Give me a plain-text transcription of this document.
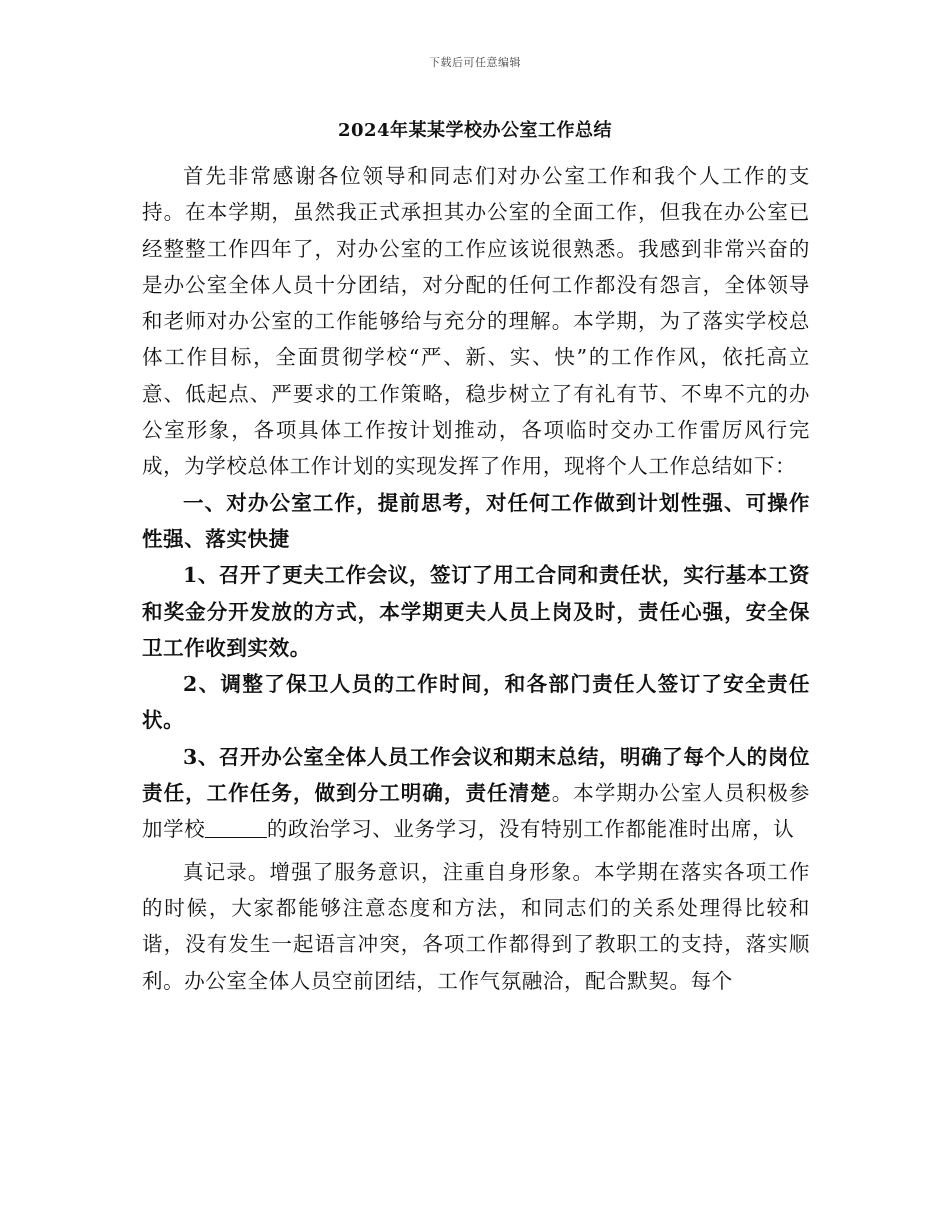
下载后可任意编辑
2024年某某学校办公室工作总结

首先非常感谢各位领导和同志们对办公室工作和我个人工作的支持。在本学期，虽然我正式承担其办公室的全面工作，但我在办公室已经整整工作四年了，对办公室的工作应该说很熟悉。我感到非常兴奋的是办公室全体人员十分团结，对分配的任何工作都没有怨言，全体领导和老师对办公室的工作能够给与充分的理解。本学期，为了落实学校总体工作目标，全面贯彻学校“严、新、实、快”的工作作风，依托高立意、低起点、严要求的工作策略，稳步树立了有礼有节、不卑不亢的办公室形象，各项具体工作按计划推动，各项临时交办工作雷厉风行完成，为学校总体工作计划的实现发挥了作用，现将个人工作总结如下：

一、对办公室工作，提前思考，对任何工作做到计划性强、可操作性强、落实快捷

1、召开了更夫工作会议，签订了用工合同和责任状，实行基本工资和奖金分开发放的方式，本学期更夫人员上岗及时，责任心强，安全保卫工作收到实效。

2、调整了保卫人员的工作时间，和各部门责任人签订了安全责任状。

3、召开办公室全体人员工作会议和期末总结，明确了每个人的岗位责任，工作任务，做到分工明确，责任清楚。本学期办公室人员积极参加学校	的政治学习、业务学习，没有特别工作都能准时出席，认

真记录。增强了服务意识，注重自身形象。本学期在落实各项工作的时候，大家都能够注意态度和方法，和同志们的关系处理得比较和谐，没有发生一起语言冲突，各项工作都得到了教职工的支持，落实顺利。办公室全体人员空前团结，工作气氛融洽，配合默契。每个
